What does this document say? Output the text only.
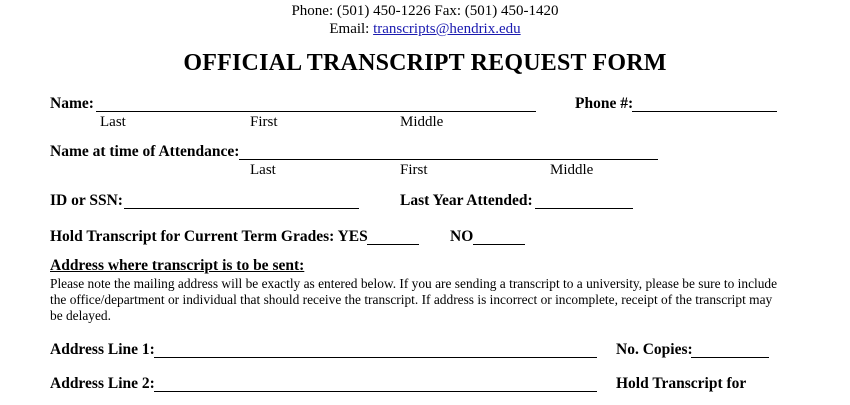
Phone: (501) 450-1226 Fax: (501) 450-1420
Email: transcripts@hendrix.edu
OFFICIAL TRANSCRIPT REQUEST FORM
Name:
Last	First	Middle
Phone #:
Name at time of Attendance:
Last	First	Middle
ID or SSN:	Last Year Attended:
Hold Transcript for Current Term Grades: YES	NO
Address where transcript is to be sent:
Please note the mailing address will be exactly as entered below. If you are sending a transcript to a university, please be sure to include the office/department or individual that should receive the transcript. If address is incorrect or incomplete, receipt of the transcript may be delayed.
Address Line 1:	No. Copies:
Address Line 2:	Hold Transcript for
